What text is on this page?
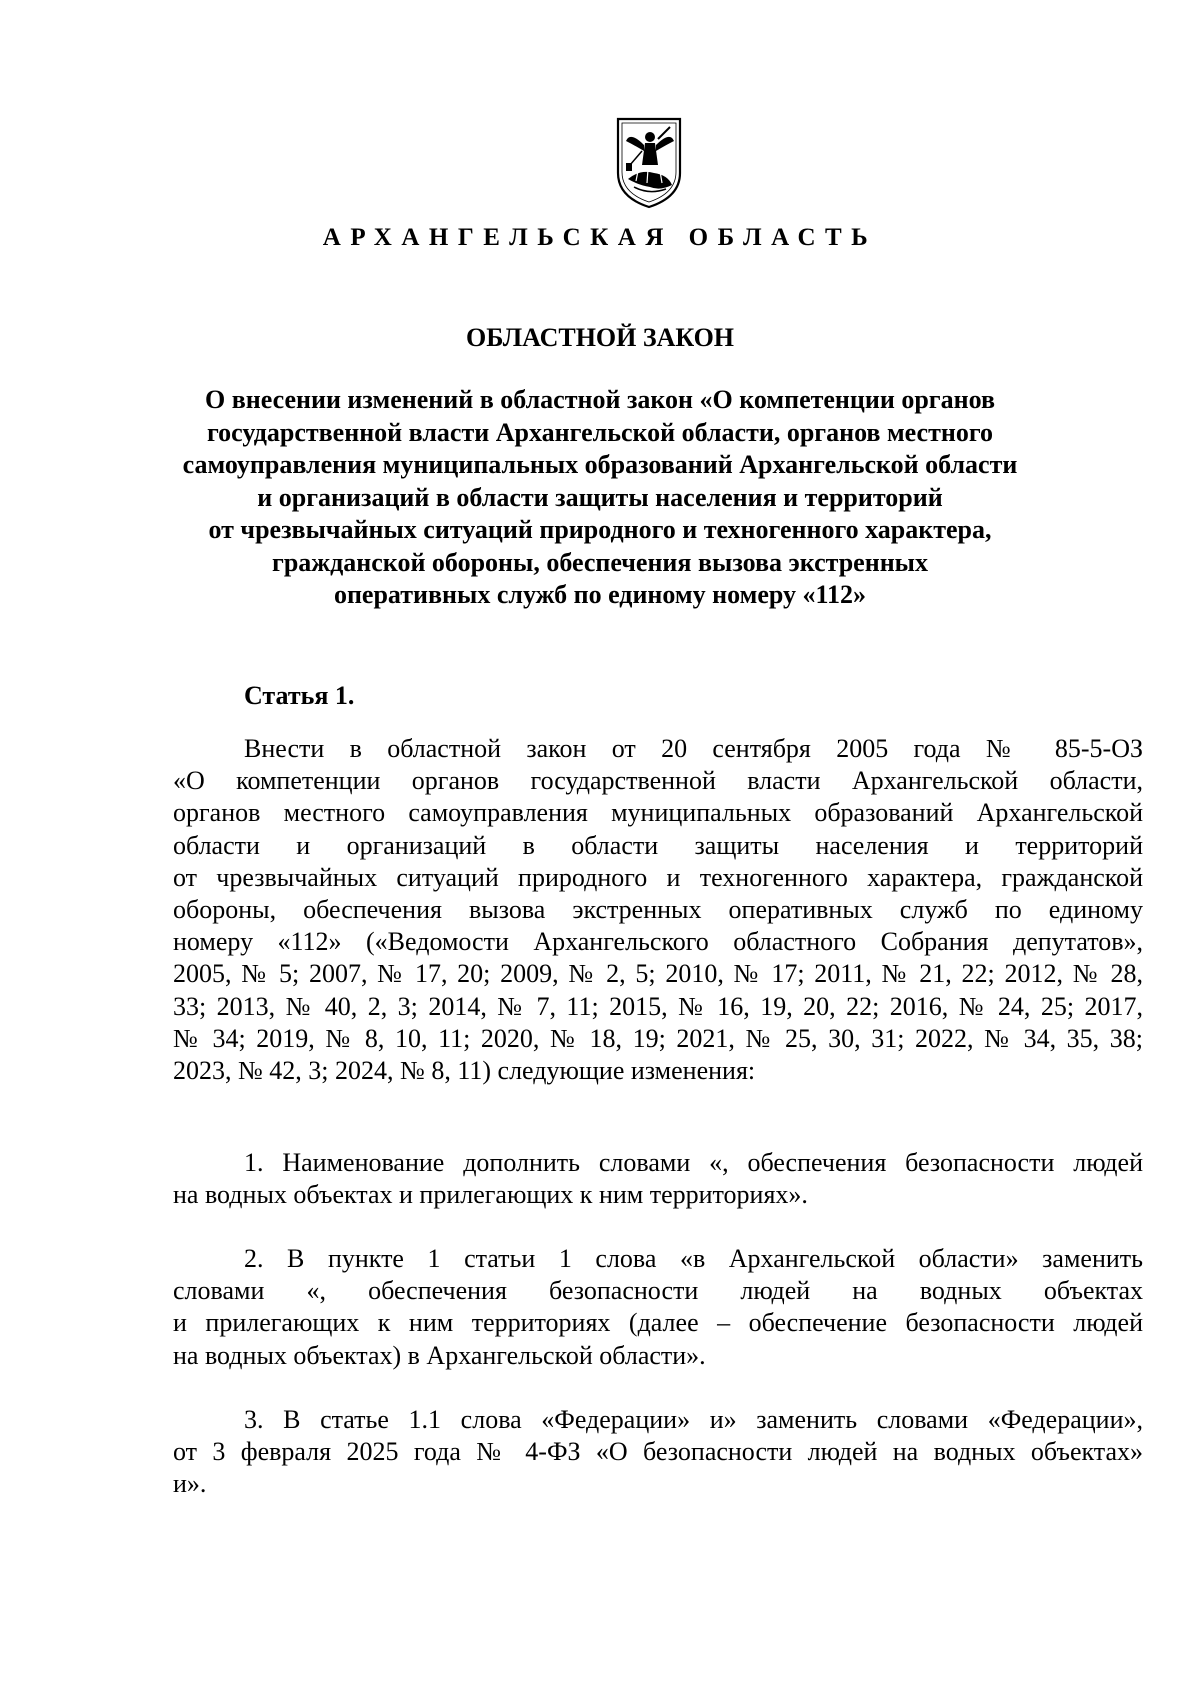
АРХАНГЕЛЬСКАЯ ОБЛАСТЬ
ОБЛАСТНОЙ ЗАКОН
О внесении изменений в областной закон «О компетенции органов
государственной власти Архангельской области, органов местного
самоуправления муниципальных образований Архангельской области
и организаций в области защиты населения и территорий
от чрезвычайных ситуаций природного и техногенного характера,
гражданской обороны, обеспечения вызова экстренных
оперативных служб по единому номеру «112»
Статья 1.
Внести в областной закон от 20 сентября 2005 года № 85-5-ОЗ
«О компетенции органов государственной власти Архангельской области,
органов местного самоуправления муниципальных образований Архангельской
области и организаций в области защиты населения и территорий
от чрезвычайных ситуаций природного и техногенного характера, гражданской
обороны, обеспечения вызова экстренных оперативных служб по единому
номеру «112» («Ведомости Архангельского областного Собрания депутатов»,
2005, № 5; 2007, № 17, 20; 2009, № 2, 5; 2010, № 17; 2011, № 21, 22; 2012, № 28,
33; 2013, № 40, 2, 3; 2014, № 7, 11; 2015, № 16, 19, 20, 22; 2016, № 24, 25; 2017,
№ 34; 2019, № 8, 10, 11; 2020, № 18, 19; 2021, № 25, 30, 31; 2022, № 34, 35, 38;
2023, № 42, 3; 2024, № 8, 11) следующие изменения:
1. Наименование дополнить словами «, обеспечения безопасности людей
на водных объектах и прилегающих к ним территориях».
2. В пункте 1 статьи 1 слова «в Архангельской области» заменить
словами «, обеспечения безопасности людей на водных объектах
и прилегающих к ним территориях (далее – обеспечение безопасности людей
на водных объектах) в Архангельской области».
3. В статье 1.1 слова «Федерации» и» заменить словами «Федерации»,
от 3 февраля 2025 года № 4-ФЗ «О безопасности людей на водных объектах»
и».
